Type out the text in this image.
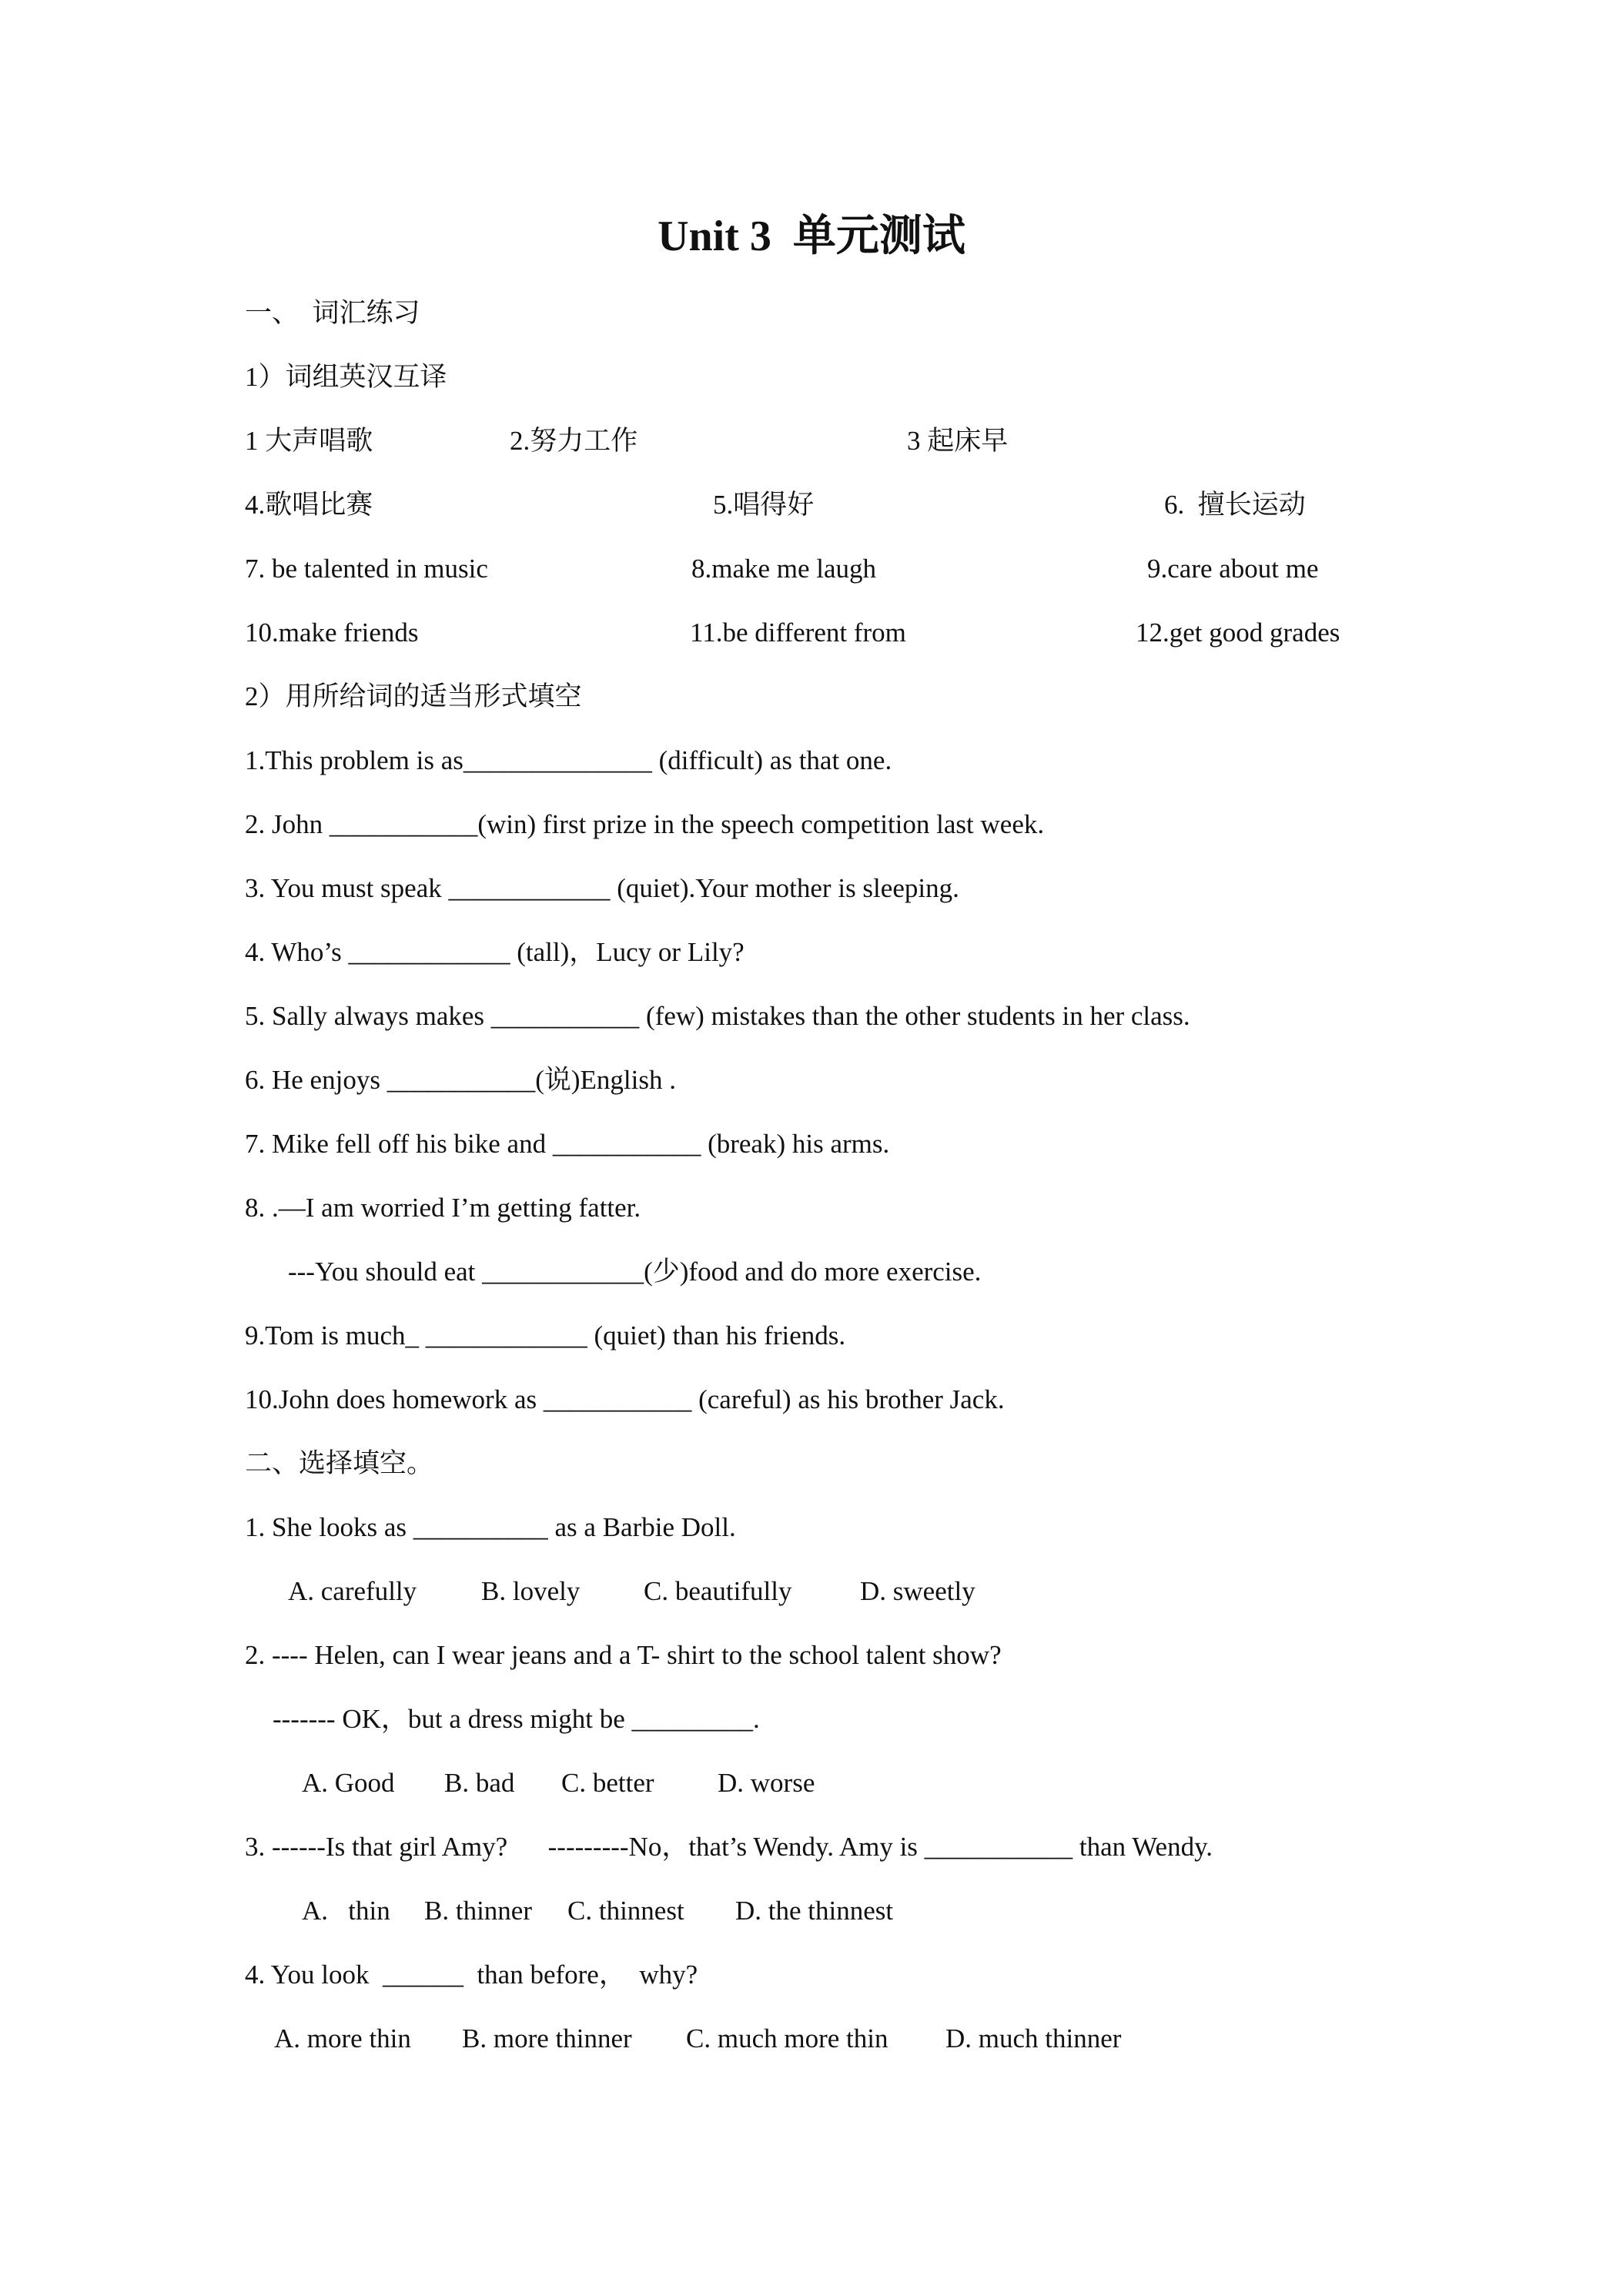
Unit 3  单元测试
一、  词汇练习
1）词组英汉互译
1 大声唱歌	2.努力工作	3 起床早
4.歌唱比赛	5.唱得好	6.  擅长运动
7. be talented in music	8.make me laugh	9.care about me
10.make friends	11.be different from	12.get good grades
2）用所给词的适当形式填空
1.This problem is as______________ (difficult) as that one.
2. John ___________(win) first prize in the speech competition last week.
3. You must speak ____________ (quiet).Your mother is sleeping.
4. Who’s ____________ (tall)，Lucy or Lily?
5. Sally always makes ___________ (few) mistakes than the other students in her class.
6. He enjoys ___________(说)English .
7. Mike fell off his bike and ___________ (break) his arms.
8. .—I am worried I’m getting fatter.
---You should eat ____________(少)food and do more exercise.
9.Tom is much_ ____________ (quiet) than his friends.
10.John does homework as ___________ (careful) as his brother Jack.
二、选择填空。
1. She looks as __________ as a Barbie Doll.
A. carefully B. lovely C. beautifully	D. sweetly
2. ---- Helen, can I wear jeans and a T- shirt to the school talent show?
------- OK，but a dress might be _________.
A. Good B. bad C. better D. worse
3. ------Is that girl Amy?      ---------No，that’s Wendy. Amy is ___________ than Wendy.
A.   thin B. thinner C. thinnest D. the thinnest
4. You look  ______  than before，  why?
A. more thin B. more thinner C. much more thin D. much thinner
